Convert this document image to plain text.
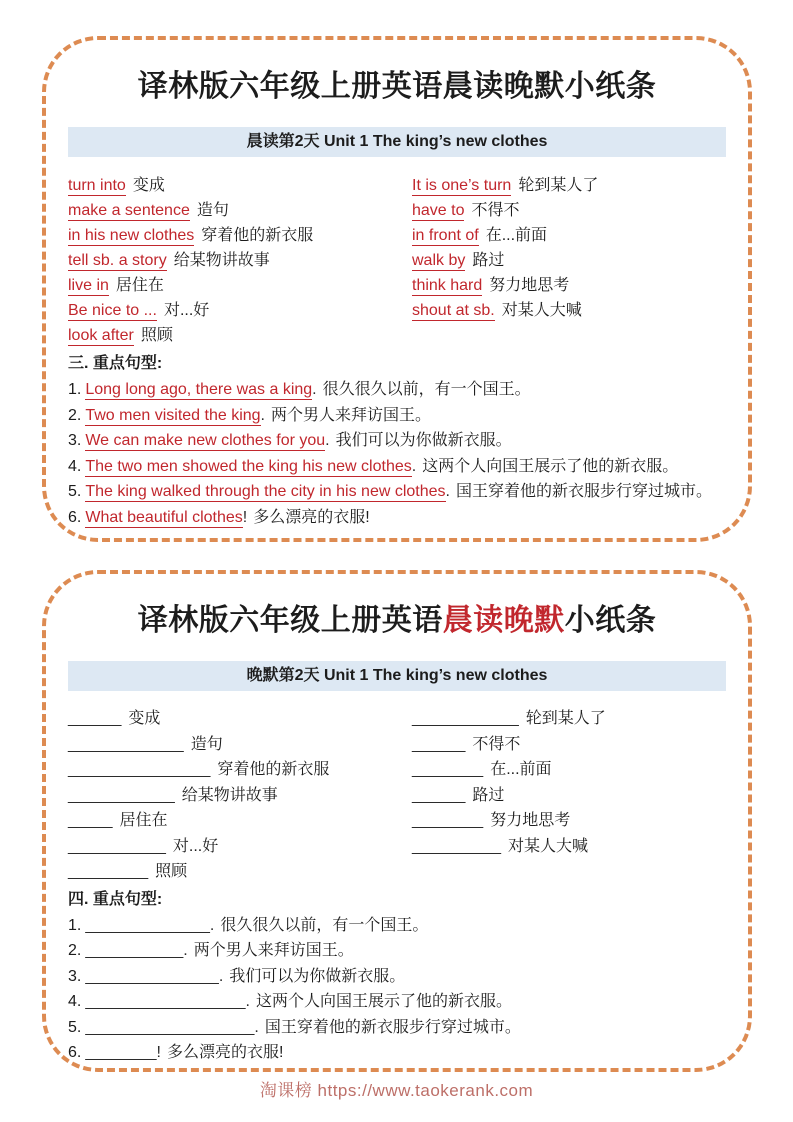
译林版六年级上册英语晨读晚默小纸条
晨读第2天 Unit 1 The king’s new clothes
turn into 变成
make a sentence 造句
in his new clothes 穿着他的新衣服
tell sb. a story 给某物讲故事
live in 居住在
Be nice to ... 对...好
look after 照顾
It is one’s turn 轮到某人了
have to 不得不
in front of 在...前面
walk by 路过
think hard 努力地思考
shout at sb. 对某人大喊
三. 重点句型:
1. Long long ago, there was a king. 很久很久以前，有一个国王。
2. Two men visited the king. 两个男人来拜访国王。
3. We can make new clothes for you. 我们可以为你做新衣服。
4. The two men showed the king his new clothes. 这两个人向国王展示了他的新衣服。
5. The king walked through the city in his new clothes. 国王穿着他的新衣服步行穿过城市。
6. What beautiful clothes! 多么漂亮的衣服!
译林版六年级上册英语晨读晚默小纸条
晚默第2天 Unit 1 The king’s new clothes
______ 变成
_____________ 造句
________________ 穿着他的新衣服
____________ 给某物讲故事
_____ 居住在
___________ 对...好
_________ 照顾
____________ 轮到某人了
______ 不得不
________ 在...前面
______ 路过
________ 努力地思考
__________ 对某人大喊
四. 重点句型:
1. ______________. 很久很久以前，有一个国王。
2. ___________. 两个男人来拜访国王。
3. _______________. 我们可以为你做新衣服。
4. __________________. 这两个人向国王展示了他的新衣服。
5. ___________________. 国王穿着他的新衣服步行穿过城市。
6. ________! 多么漂亮的衣服!
淘课榜 https://www.taokerank.com
